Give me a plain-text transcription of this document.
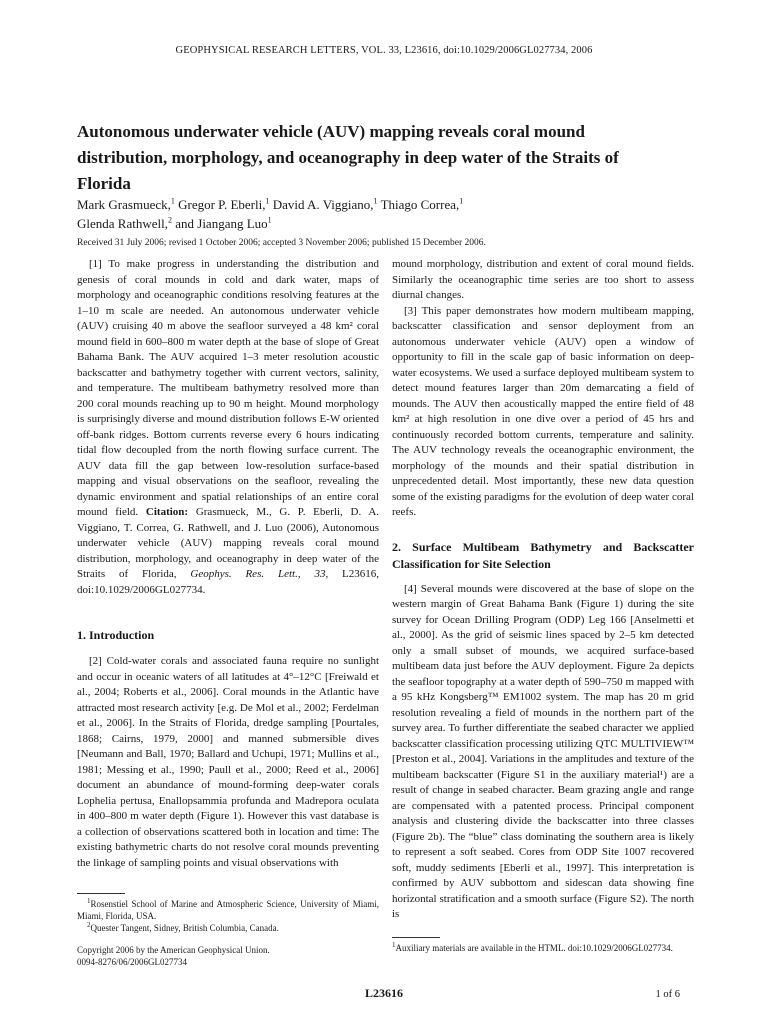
GEOPHYSICAL RESEARCH LETTERS, VOL. 33, L23616, doi:10.1029/2006GL027734, 2006
Autonomous underwater vehicle (AUV) mapping reveals coral mound distribution, morphology, and oceanography in deep water of the Straits of Florida
Mark Grasmueck,$^1$ Gregor P. Eberli,$^1$ David A. Viggiano,$^1$ Thiago Correa,$^1$
Glenda Rathwell,$^2$ and Jiangang Luo$^1$
Received 31 July 2006; revised 1 October 2006; accepted 3 November 2006; published 15 December 2006.

[1] To make progress in understanding the distribution and genesis of coral mounds in cold and dark water, maps of morphology and oceanographic conditions resolving features at the 1–10 m scale are needed. An autonomous underwater vehicle (AUV) cruising 40 m above the seafloor surveyed a 48 km² coral mound field in 600–800 m water depth at the base of slope of Great Bahama Bank. The AUV acquired 1–3 meter resolution acoustic backscatter and bathymetry together with current vectors, salinity, and temperature. The multibeam bathymetry resolved more than 200 coral mounds reaching up to 90 m height. Mound morphology is surprisingly diverse and mound distribution follows E-W oriented off-bank ridges. Bottom currents reverse every 6 hours indicating tidal flow decoupled from the north flowing surface current. The AUV data fill the gap between low-resolution surface-based mapping and visual observations on the seafloor, revealing the dynamic environment and spatial relationships of an entire coral mound field. Citation: Grasmueck, M., G. P. Eberli, D. A. Viggiano, T. Correa, G. Rathwell, and J. Luo (2006), Autonomous underwater vehicle (AUV) mapping reveals coral mound distribution, morphology, and oceanography in deep water of the Straits of Florida, Geophys. Res. Lett., 33, L23616, doi:10.1029/2006GL027734.

1. Introduction

[2] Cold-water corals and associated fauna require no sunlight and occur in oceanic waters of all latitudes at 4°–12°C [Freiwald et al., 2004; Roberts et al., 2006]. Coral mounds in the Atlantic have attracted most research activity [e.g. De Mol et al., 2002; Ferdelman et al., 2006]. In the Straits of Florida, dredge sampling [Pourtales, 1868; Cairns, 1979, 2000] and manned submersible dives [Neumann and Ball, 1970; Ballard and Uchupi, 1971; Mullins et al., 1981; Messing et al., 1990; Paull et al., 2000; Reed et al., 2006] document an abundance of mound-forming deep-water corals Lophelia pertusa, Enallopsammia profunda and Madrepora oculata in 400–800 m water depth (Figure 1). However this vast database is a collection of observations scattered both in location and time: The existing bathymetric charts do not resolve coral mounds preventing the linkage of sampling points and visual observations with

$^1$Rosenstiel School of Marine and Atmospheric Science, University of Miami, Miami, Florida, USA.

$^2$Quester Tangent, Sidney, British Columbia, Canada.

Copyright 2006 by the American Geophysical Union.
0094-8276/06/2006GL027734

mound morphology, distribution and extent of coral mound fields. Similarly the oceanographic time series are too short to assess diurnal changes.

[3] This paper demonstrates how modern multibeam mapping, backscatter classification and sensor deployment from an autonomous underwater vehicle (AUV) open a window of opportunity to fill in the scale gap of basic information on deep-water ecosystems. We used a surface deployed multibeam system to detect mound features larger than 20m demarcating a field of mounds. The AUV then acoustically mapped the entire field of 48 km² at high resolution in one dive over a period of 45 hrs and continuously recorded bottom currents, temperature and salinity. The AUV technology reveals the oceanographic environment, the morphology of the mounds and their spatial distribution in unprecedented detail. Most importantly, these new data question some of the existing paradigms for the evolution of deep water coral reefs.

2. Surface Multibeam Bathymetry and Backscatter Classification for Site Selection

[4] Several mounds were discovered at the base of slope on the western margin of Great Bahama Bank (Figure 1) during the site survey for Ocean Drilling Program (ODP) Leg 166 [Anselmetti et al., 2000]. As the grid of seismic lines spaced by 2–5 km detected only a small subset of mounds, we acquired surface-based multibeam data just before the AUV deployment. Figure 2a depicts the seafloor topography at a water depth of 590–750 m mapped with a 95 kHz Kongsberg™ EM1002 system. The map has 20 m grid resolution revealing a field of mounds in the northern part of the survey area. To further differentiate the seabed character we applied backscatter classification processing utilizing QTC MULTIVIEW™ [Preston et al., 2004]. Variations in the amplitudes and texture of the multibeam backscatter (Figure S1 in the auxiliary material¹) are a result of change in seabed character. Beam grazing angle and range are compensated with a patented process. Principal component analysis and clustering divide the backscatter into three classes (Figure 2b). The “blue” class dominating the southern area is likely to represent a soft seabed. Cores from ODP Site 1007 recovered soft, muddy sediments [Eberli et al., 1997]. This interpretation is confirmed by AUV subbottom and sidescan data showing fine horizontal stratification and a smooth surface (Figure S2). The north is

$^1$Auxiliary materials are available in the HTML. doi:10.1029/2006GL027734.
L23616	1 of 6
